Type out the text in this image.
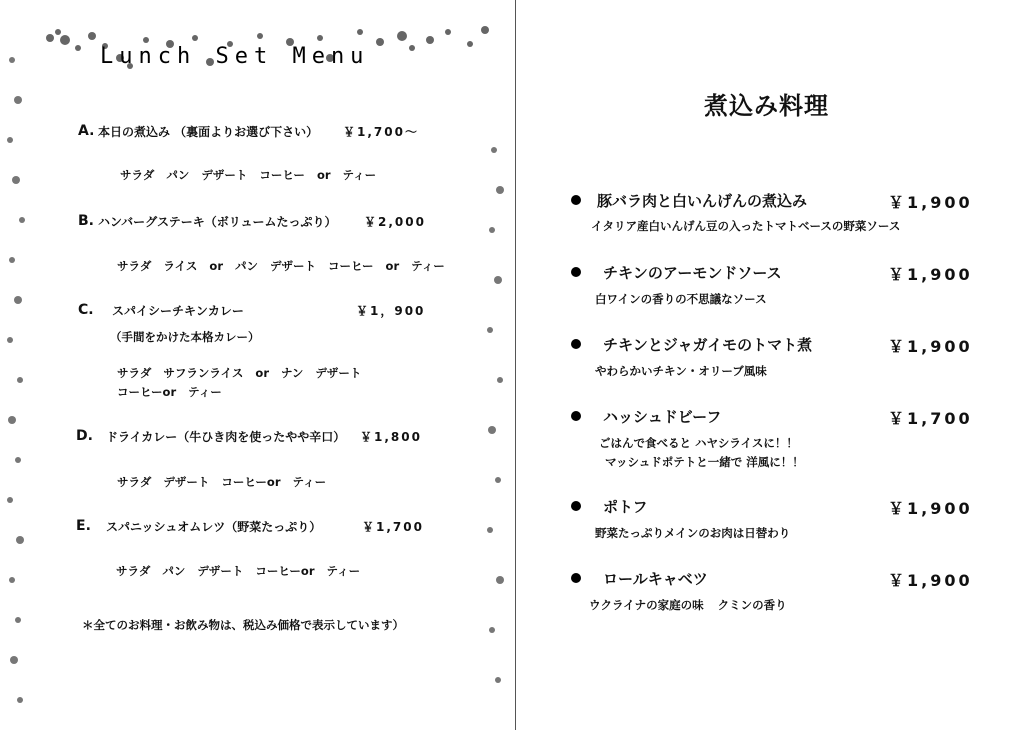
Lunch Set Menu
A. 本日の煮込み （裏面よりお選び下さい） ￥1,700～
サラダ パン デザート コーヒー or ティー
B. ハンバーグステーキ（ボリュームたっぷり） ￥2,000
サラダ ライス or パン デザート コーヒー or ティー
C. スパイシーチキンカレー	￥1，900
（手間をかけた本格カレー）
サラダ サフランライス or ナン デザート
コーヒーor ティー
D. ドライカレー（牛ひき肉を使ったやや辛口） ￥1,800
サラダ デザート コーヒーor ティー
E. スパニッシュオムレツ（野菜たっぷり）	￥1,700
サラダ パン デザート コーヒーor ティー
＊全てのお料理・お飲み物は、税込み価格で表示しています）
煮込み料理
豚バラ肉と白いんげんの煮込み	￥1,900
イタリア産白いんげん豆の入ったトマトベースの野菜ソース
チキンのアーモンドソース	￥1,900
白ワインの香りの不思議なソース
チキンとジャガイモのトマト煮	￥1,900
やわらかいチキン・オリーブ風味
ハッシュドビーフ	￥1,700
ごはんで食べると ハヤシライスに！！
マッシュドポテトと一緒で 洋風に！！
ポトフ	￥1,900
野菜たっぷりメインのお肉は日替わり
ロールキャベツ	￥1,900
ウクライナの家庭の味 クミンの香り
